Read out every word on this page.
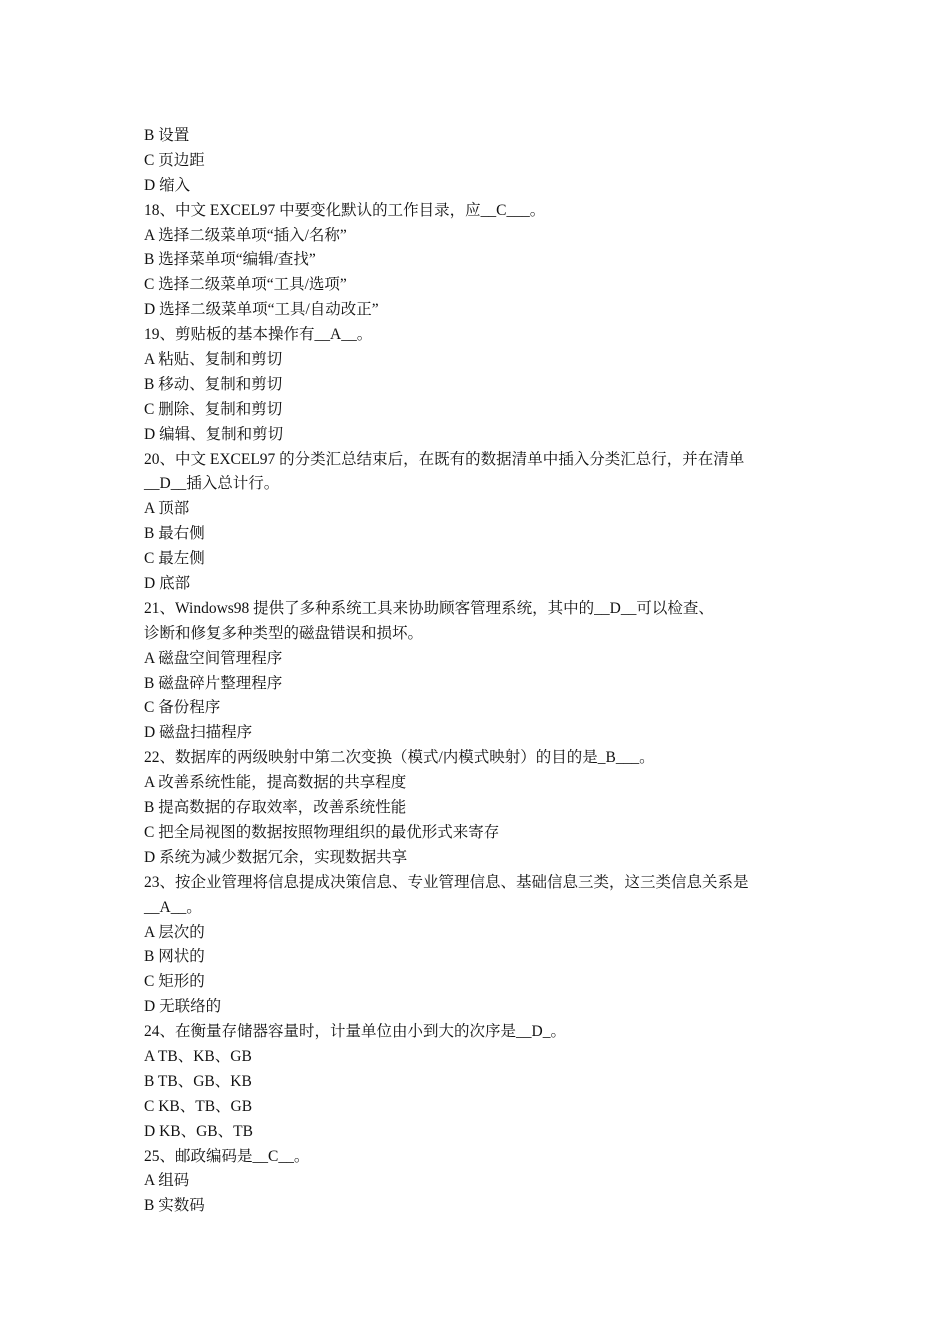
B 设置
C 页边距
D 缩入
18、中文 EXCEL97 中要变化默认的工作目录，应__C___。
A 选择二级菜单项“插入/名称”
B 选择菜单项“编辑/查找”
C 选择二级菜单项“工具/选项”
D 选择二级菜单项“工具/自动改正”
19、剪贴板的基本操作有__A__。
A 粘贴、复制和剪切
B 移动、复制和剪切
C 删除、复制和剪切
D 编辑、复制和剪切
20、中文 EXCEL97 的分类汇总结束后，在既有的数据清单中插入分类汇总行，并在清单
__D__插入总计行。
A 顶部
B 最右侧
C 最左侧
D 底部
21、Windows98 提供了多种系统工具来协助顾客管理系统，其中的__D__可以检查、
诊断和修复多种类型的磁盘错误和损坏。
A 磁盘空间管理程序
B 磁盘碎片整理程序
C 备份程序
D 磁盘扫描程序
22、数据库的两级映射中第二次变换（模式/内模式映射）的目的是_B___。
A 改善系统性能，提高数据的共享程度
B 提高数据的存取效率，改善系统性能
C 把全局视图的数据按照物理组织的最优形式来寄存
D 系统为减少数据冗余，实现数据共享
23、按企业管理将信息提成决策信息、专业管理信息、基础信息三类，这三类信息关系是
__A__。
A 层次的
B 网状的
C 矩形的
D 无联络的
24、在衡量存储器容量时，计量单位由小到大的次序是__D_。
A TB、KB、GB
B TB、GB、KB
C KB、TB、GB
D KB、GB、TB
25、邮政编码是__C__。
A 组码
B 实数码
